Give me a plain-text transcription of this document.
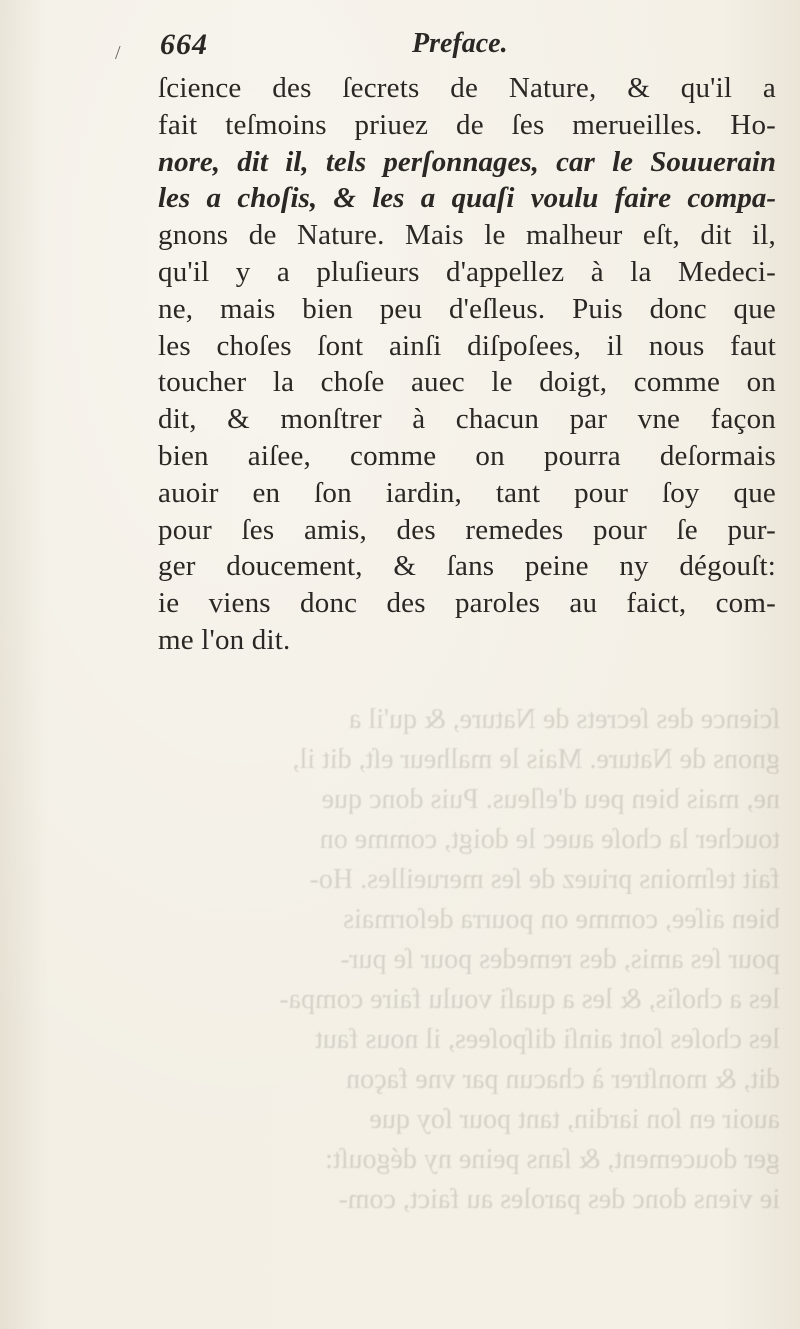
/ 664	Preface.
ſcience des ſecrets de Nature, & qu'il a
fait teſmoins priuez de ſes merueilles. Ho-
nore, dit il, tels perſonnages, car le Souuerain
les a choſis, & les a quaſi voulu faire compa-
gnons de Nature. Mais le malheur eſt, dit il,
qu'il y a pluſieurs d'appellez à la Medeci-
ne, mais bien peu d'eſleus. Puis donc que
les choſes ſont ainſi diſpoſees, il nous faut
toucher la choſe auec le doigt, comme on
dit, & monſtrer à chacun par vne façon
bien aiſee, comme on pourra deſormais
auoir en ſon iardin, tant pour ſoy que
pour ſes amis, des remedes pour ſe pur-
ger doucement, & ſans peine ny dégouſt:
ie viens donc des paroles au faict, com-
me l'on dit.
ſcience des ſecrets de Nature, & qu'il a
gnons de Nature. Mais le malheur eſt, dit il,
ne, mais bien peu d'eſleus. Puis donc que
toucher la choſe auec le doigt, comme on
fait teſmoins priuez de ſes merueilles. Ho-
bien aiſee, comme on pourra deſormais
pour ſes amis, des remedes pour ſe pur-
les a choſis, & les a quaſi voulu faire compa-
les choſes ſont ainſi diſpoſees, il nous faut
dit, & monſtrer à chacun par vne façon
auoir en ſon iardin, tant pour ſoy que
ger doucement, & ſans peine ny dégouſt:
ie viens donc des paroles au faict, com-
